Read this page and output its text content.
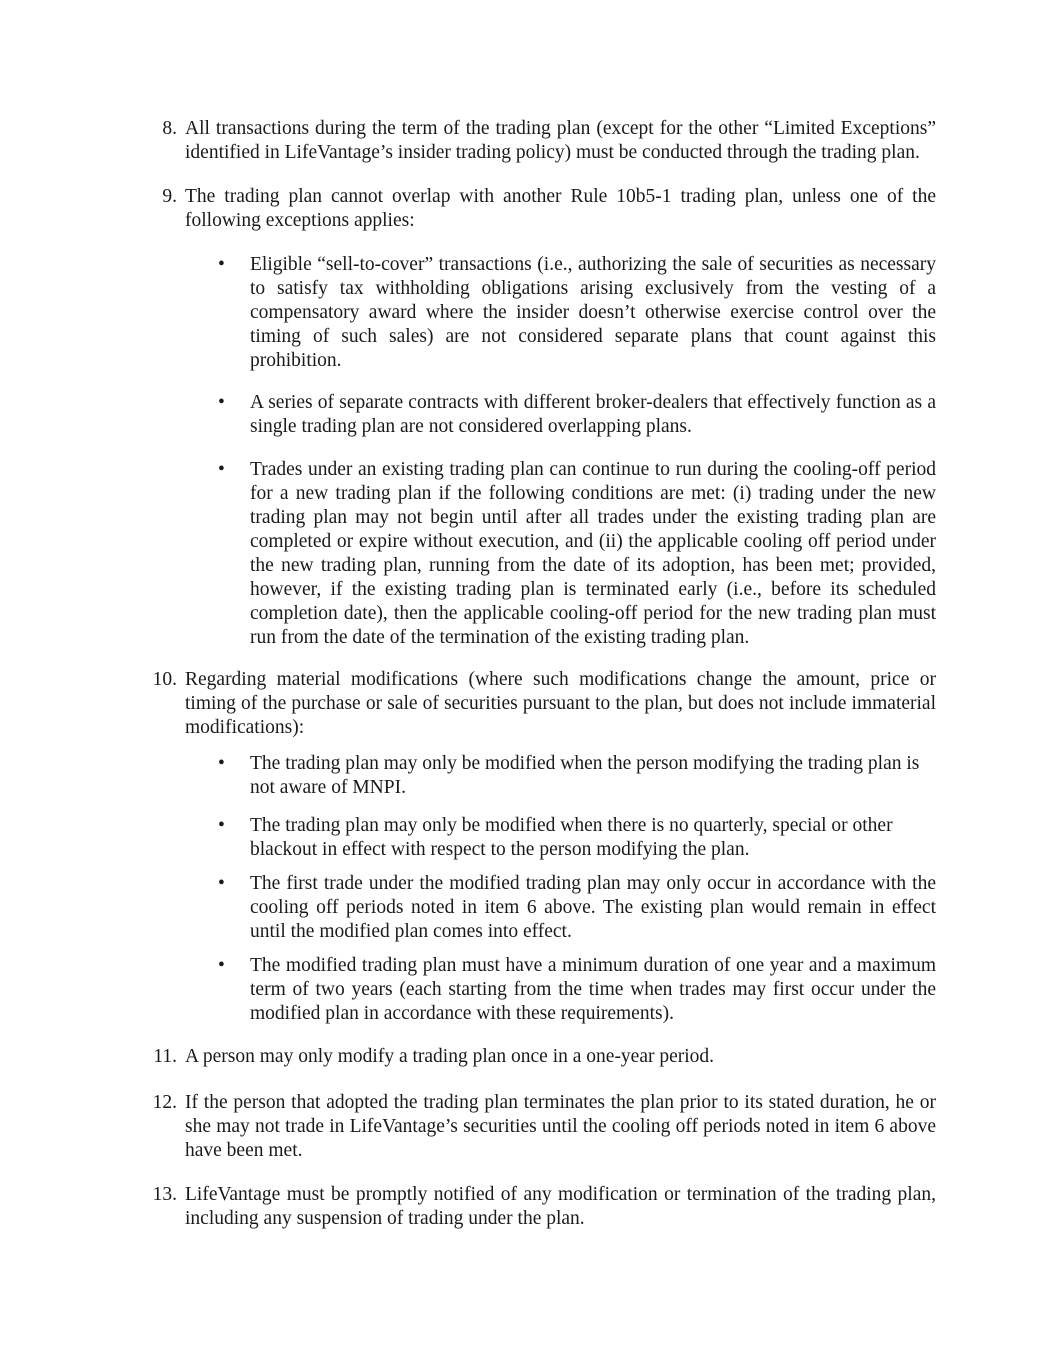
8. All transactions during the term of the trading plan (except for the other “Limited Exceptions” identified in LifeVantage’s insider trading policy) must be conducted through the trading plan.

9. The trading plan cannot overlap with another Rule 10b5-1 trading plan, unless one of the following exceptions applies:

•	Eligible “sell-to-cover” transactions (i.e., authorizing the sale of securities as necessary to satisfy tax withholding obligations arising exclusively from the vesting of a compensatory award where the insider doesn’t otherwise exercise control over the timing of such sales) are not considered separate plans that count against this prohibition.

•	A series of separate contracts with different broker-dealers that effectively function as a single trading plan are not considered overlapping plans.

•	Trades under an existing trading plan can continue to run during the cooling-off period for a new trading plan if the following conditions are met: (i) trading under the new trading plan may not begin until after all trades under the existing trading plan are completed or expire without execution, and (ii) the applicable cooling off period under the new trading plan, running from the date of its adoption, has been met; provided, however, if the existing trading plan is terminated early (i.e., before its scheduled completion date), then the applicable cooling-off period for the new trading plan must run from the date of the termination of the existing trading plan.

10. Regarding material modifications (where such modifications change the amount, price or timing of the purchase or sale of securities pursuant to the plan, but does not include immaterial modifications):

•	The trading plan may only be modified when the person modifying the trading plan is not aware of MNPI.

•	The trading plan may only be modified when there is no quarterly, special or other blackout in effect with respect to the person modifying the plan.

•	The first trade under the modified trading plan may only occur in accordance with the cooling off periods noted in item 6 above. The existing plan would remain in effect until the modified plan comes into effect.

•	The modified trading plan must have a minimum duration of one year and a maximum term of two years (each starting from the time when trades may first occur under the modified plan in accordance with these requirements).

11. A person may only modify a trading plan once in a one-year period.

12. If the person that adopted the trading plan terminates the plan prior to its stated duration, he or she may not trade in LifeVantage’s securities until the cooling off periods noted in item 6 above have been met.

13. LifeVantage must be promptly notified of any modification or termination of the trading plan, including any suspension of trading under the plan.
